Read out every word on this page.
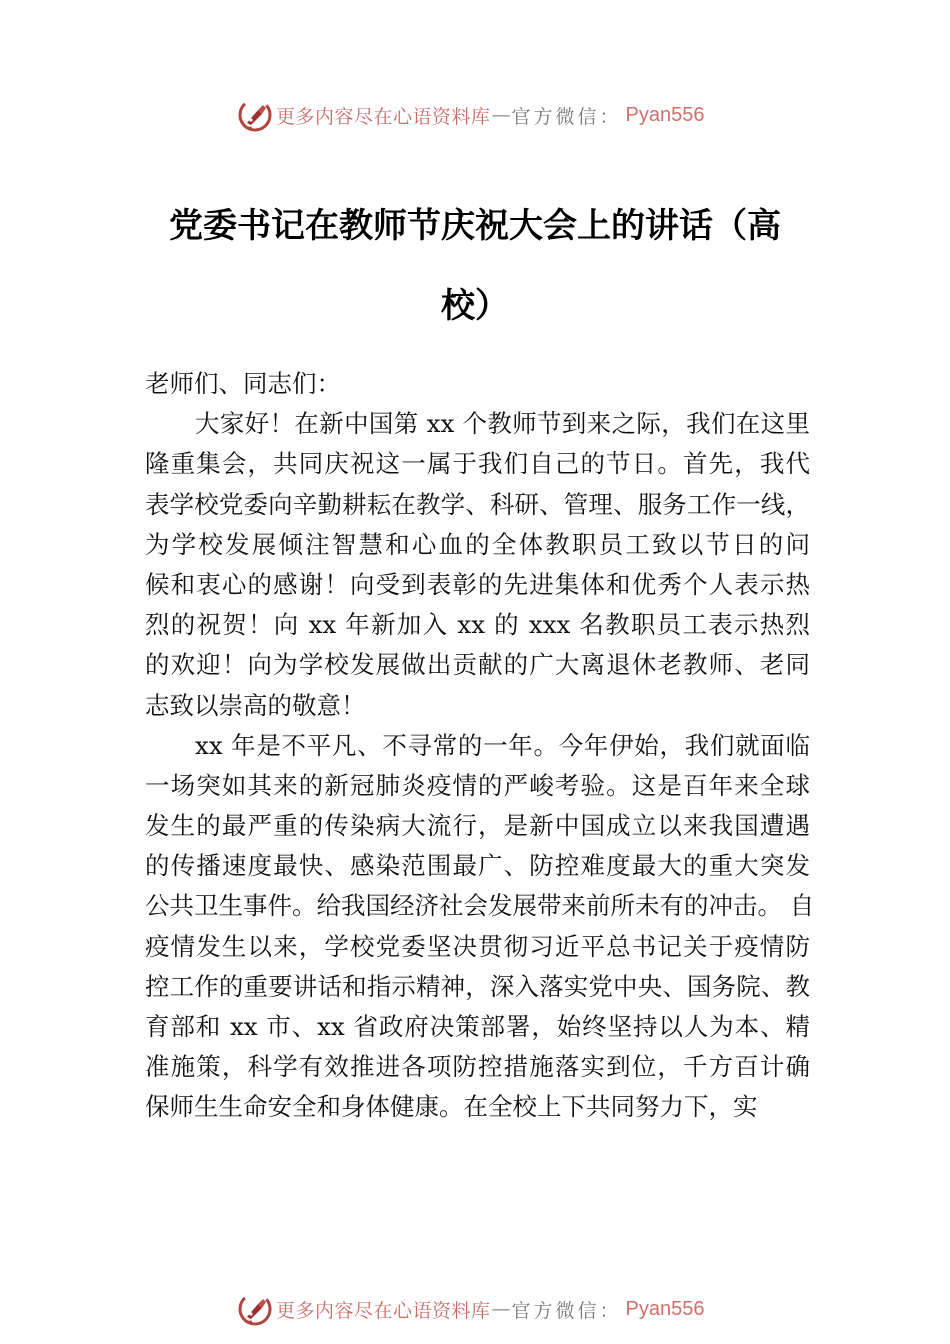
更多内容尽在心语资料库 — 官方微信： Pyan556
党委书记在教师节庆祝大会上的讲话（高
校）
老师们、同志们：
大家好！在新中国第 xx 个教师节到来之际，我们在这里
隆重集会，共同庆祝这一属于我们自己的节日。首先，我代
表学校党委向辛勤耕耘在教学、科研、管理、服务工作一线，
为学校发展倾注智慧和心血的全体教职员工致以节日的问
候和衷心的感谢！向受到表彰的先进集体和优秀个人表示热
烈的祝贺！向 xx 年新加入 xx 的 xxx 名教职员工表示热烈
的欢迎！向为学校发展做出贡献的广大离退休老教师、老同
志致以崇高的敬意！
xx 年是不平凡、不寻常的一年。今年伊始，我们就面临
一场突如其来的新冠肺炎疫情的严峻考验。这是百年来全球
发生的最严重的传染病大流行，是新中国成立以来我国遭遇
的传播速度最快、感染范围最广、防控难度最大的重大突发
公共卫生事件。给我国经济社会发展带来前所未有的冲击。 自
疫情发生以来，学校党委坚决贯彻习近平总书记关于疫情防
控工作的重要讲话和指示精神，深入落实党中央、国务院、教
育部和 xx 市、xx 省政府决策部署，始终坚持以人为本、精
准施策，科学有效推进各项防控措施落实到位，千方百计确
保师生生命安全和身体健康。在全校上下共同努力下，实
更多内容尽在心语资料库 — 官方微信： Pyan556
